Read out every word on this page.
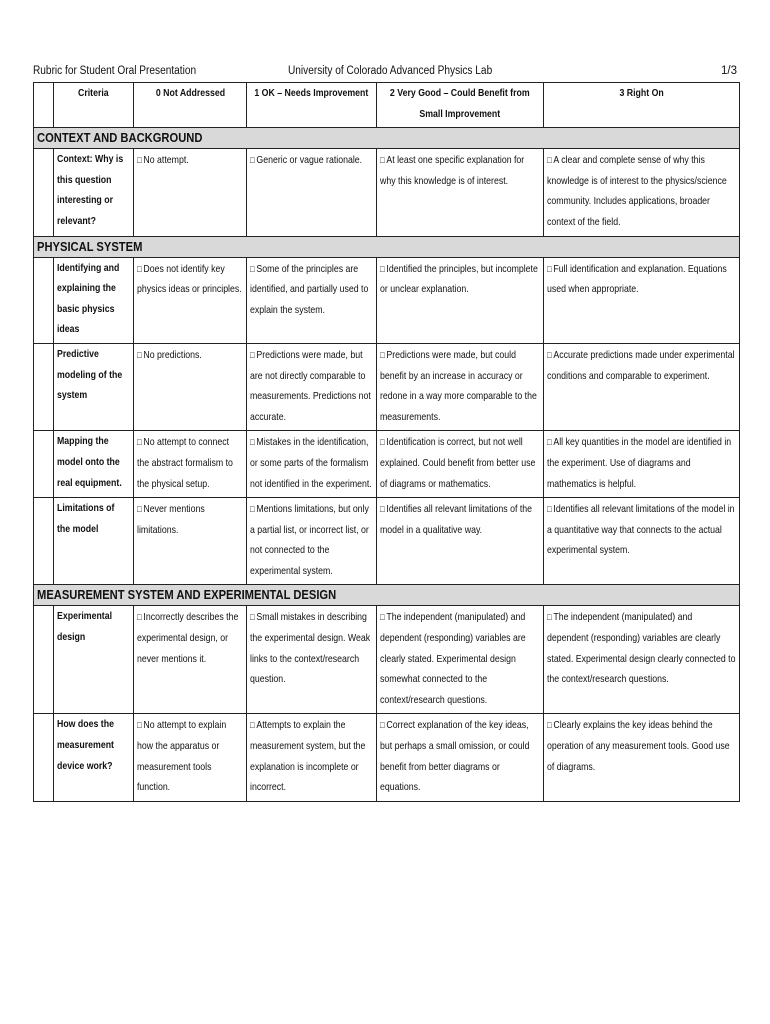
Rubric for Student Oral Presentation	University of Colorado Advanced Physics Lab	1/3

	Criteria	0 Not Addressed	1 OK – Needs Improvement	2 Very Good – Could Benefit from Small Improvement	3 Right On

CONTEXT AND BACKGROUND					

	Context: Why is this question interesting or relevant?	□ No attempt.	□ Generic or vague rationale.	□ At least one specific explanation for why this knowledge is of interest.	□ A clear and complete sense of why this knowledge is of interest to the physics/science community. Includes applications, broader context of the field.

PHYSICAL SYSTEM					

	Identifying and explaining the basic physics ideas	□ Does not identify key physics ideas or principles.	□ Some of the principles are identified, and partially used to explain the system.	□ Identified the principles, but incomplete or unclear explanation.	□ Full identification and explanation. Equations used when appropriate.

	Predictive modeling of the system	□ No predictions.	□ Predictions were made, but are not directly comparable to measurements. Predictions not accurate.	□ Predictions were made, but could benefit by an increase in accuracy or redone in a way more comparable to the measurements.	□ Accurate predictions made under experimental conditions and comparable to experiment.

	Mapping the model onto the real equipment.	□ No attempt to connect the abstract formalism to the physical setup.	□ Mistakes in the identification, or some parts of the formalism not identified in the experiment.	□ Identification is correct, but not well explained. Could benefit from better use of diagrams or mathematics.	□ All key quantities in the model are identified in the experiment. Use of diagrams and mathematics is helpful.

	Limitations of the model	□ Never mentions limitations.	□ Mentions limitations, but only a partial list, or incorrect list, or not connected to the experimental system.	□ Identifies all relevant limitations of the model in a qualitative way.	□ Identifies all relevant limitations of the model in a quantitative way that connects to the actual experimental system.

MEASUREMENT SYSTEM AND EXPERIMENTAL DESIGN					

	Experimental design	□ Incorrectly describes the experimental design, or never mentions it.	□ Small mistakes in describing the experimental design. Weak links to the context/research question.	□ The independent (manipulated) and dependent (responding) variables are clearly stated. Experimental design somewhat connected to the context/research questions.	□ The independent (manipulated) and dependent (responding) variables are clearly stated. Experimental design clearly connected to the context/research questions.

	How does the measurement device work?	□ No attempt to explain how the apparatus or measurement tools function.	□ Attempts to explain the measurement system, but the explanation is incomplete or incorrect.	□ Correct explanation of the key ideas, but perhaps a small omission, or could benefit from better diagrams or equations.	□ Clearly explains the key ideas behind the operation of any measurement tools. Good use of diagrams.
